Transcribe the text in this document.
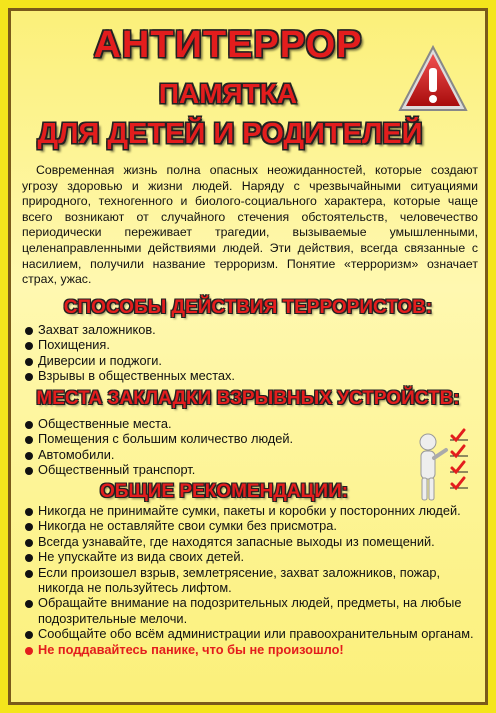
АНТИТЕРРОР
ПАМЯТКА
ДЛЯ ДЕТЕЙ И РОДИТЕЛЕЙ
Современная жизнь полна опасных неожиданностей, которые создают угрозу здоровью и жизни людей. Наряду с чрезвычайными ситуациями природного, техногенного и биолого-социального характера, которые чаще всего возникают от случайного стечения обстоятельств, человечество периодически переживает трагедии, вызываемые умышленными, целенаправленными действиями людей. Эти действия, всегда связанные с насилием, получили название терроризм. Понятие «терроризм» означает страх, ужас.
СПОСОБЫ ДЕЙСТВИЯ ТЕРРОРИСТОВ:
Захват заложников.
Похищения.
Диверсии и поджоги.
Взрывы в общественных местах.
МЕСТА ЗАКЛАДКИ ВЗРЫВНЫХ УСТРОЙСТВ:
Общественные места.
Помещения с большим количество людей.
Автомобили.
Общественный транспорт.
ОБЩИЕ РЕКОМЕНДАЦИИ:
Никогда не принимайте сумки, пакеты и коробки у посторонних людей.
Никогда не оставляйте свои сумки без присмотра.
Всегда узнавайте, где находятся запасные выходы из помещений.
Не упускайте из вида своих детей.
Если произошел взрыв, землетрясение, захват заложников, пожар, никогда не пользуйтесь лифтом.
Обращайте внимание на подозрительных людей, предметы, на любые подозрительные мелочи.
Сообщайте обо всём администрации или правоохранительным органам.
Не поддавайтесь панике, что бы не произошло!
